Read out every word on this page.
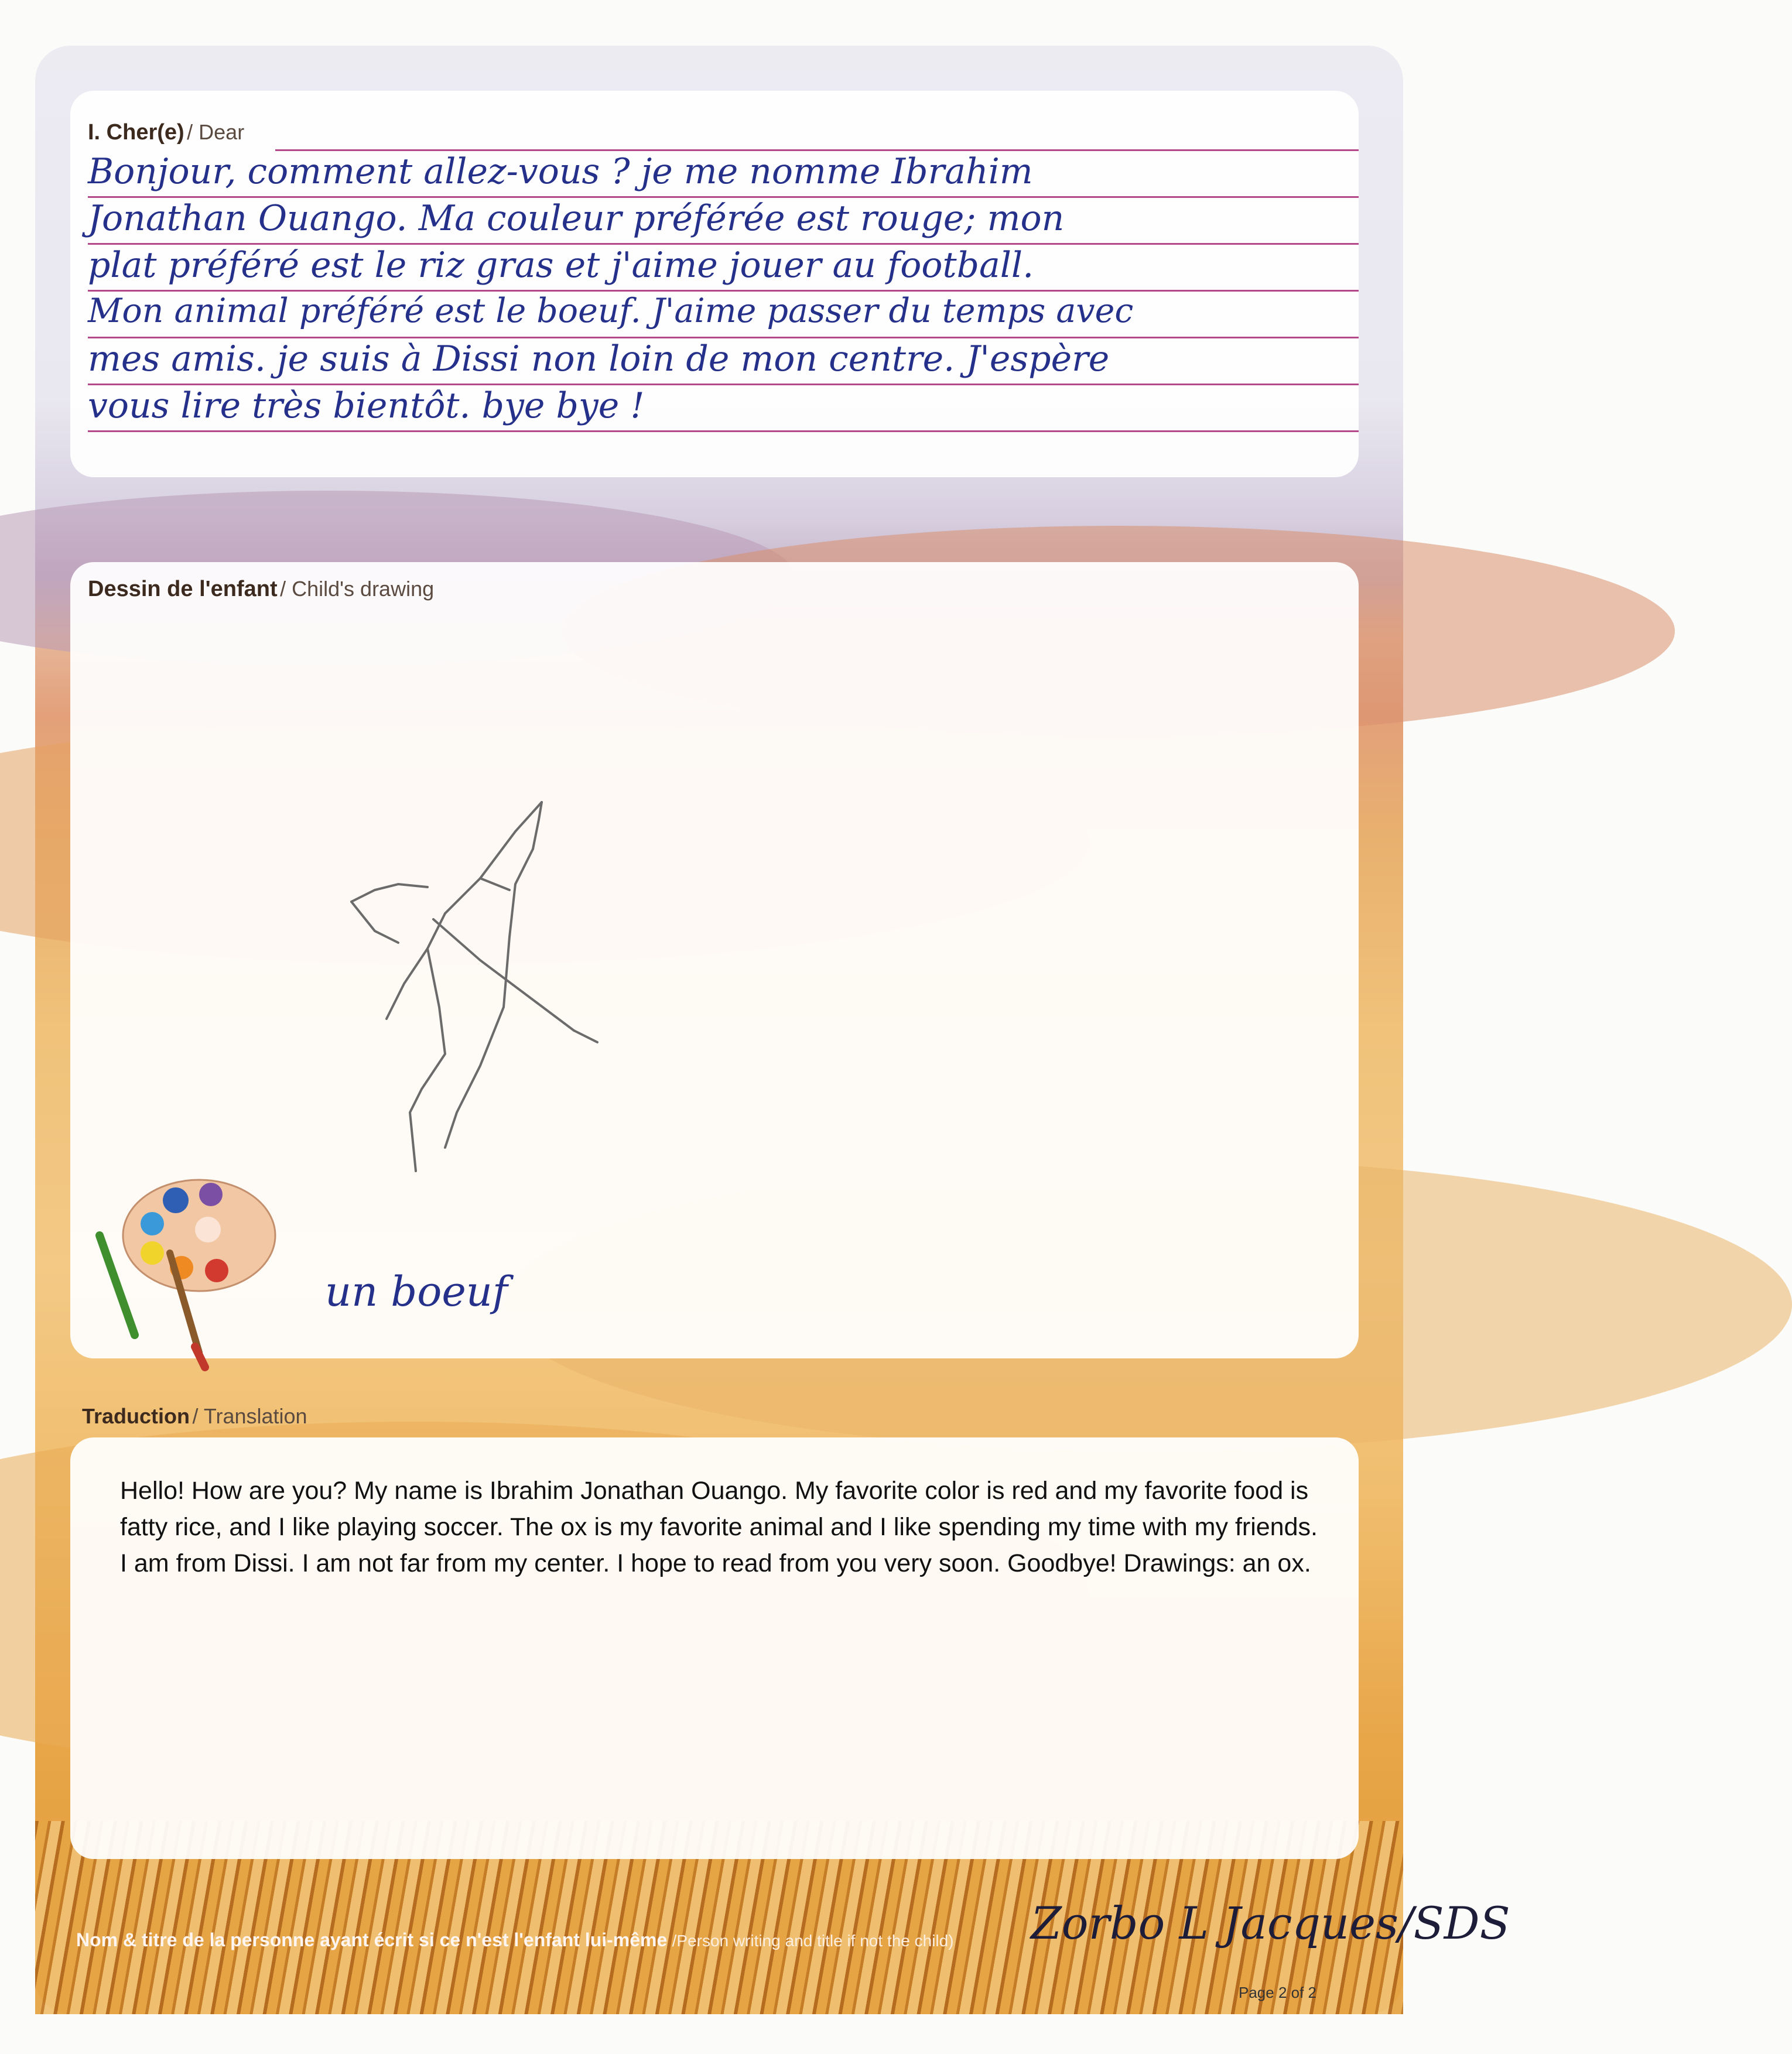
I. Cher(e) / Dear
Bonjour, comment allez-vous ? je me nomme Ibrahim
Jonathan Ouango. Ma couleur préférée est rouge; mon
plat préféré est le riz gras et j'aime jouer au football.
Mon animal préféré est le boeuf. J'aime passer du temps avec
mes amis. je suis à Dissi non loin de mon centre. J'espère
vous lire très bientôt. bye bye !
Dessin de l'enfant / Child's drawing
un boeuf
Traduction / Translation
Hello! How are you? My name is Ibrahim Jonathan Ouango. My favorite color is red and my favorite food is fatty rice, and I like playing soccer. The ox is my favorite animal and I like spending my time with my friends. I am from Dissi. I am not far from my center. I hope to read from you very soon. Goodbye! Drawings: an ox.
Nom & titre de la personne ayant écrit si ce n'est l'enfant lui-même /Person writing and title if not the child) Zorbo L Jacques/SDS
Page 2 of 2
